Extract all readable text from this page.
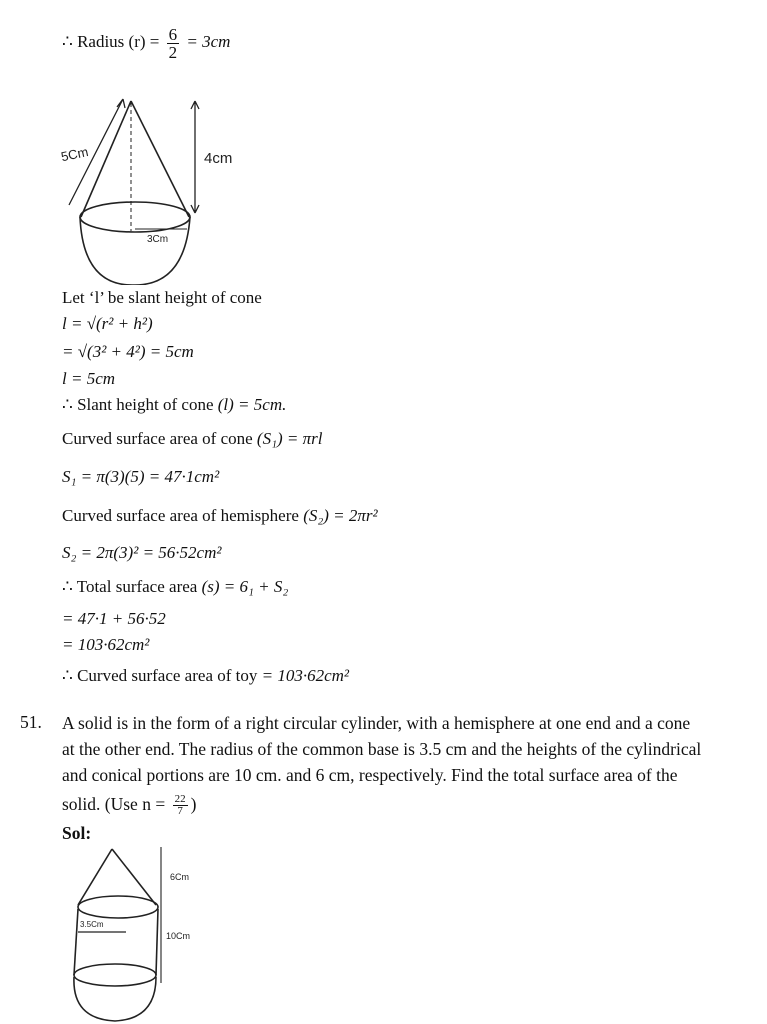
∴ Radius $(r) = \frac{6}{2} = 3cm$
5Cm	4cm
3Cm
Let ‘l’ be slant height of cone
l = √(r² + h²)
= √(3² + 4²) = 5cm
l = 5cm
∴ Slant height of cone (l) = 5cm.
Curved surface area of cone (S₁) = πrl
S₁ = π(3)(5) = 47·1cm²
Curved surface area of hemisphere (S₂) = 2πr²
S₂ = 2π(3)² = 56·52cm²
∴ Total surface area (s) = 6₁ + S₂
= 47·1 + 56·52
= 103·62cm²
∴ Curved surface area of toy = 103·62cm²
51. A solid is in the form of a right circular cylinder, with a hemisphere at one end and a cone
at the other end. The radius of the common base is 3.5 cm and the heights of the cylindrical
and conical portions are 10 cm. and 6 cm, respectively. Find the total surface area of the
solid. (Use $n = \frac{22}{7}$ )
Sol:
6Cm
10Cm
3.5Cm
